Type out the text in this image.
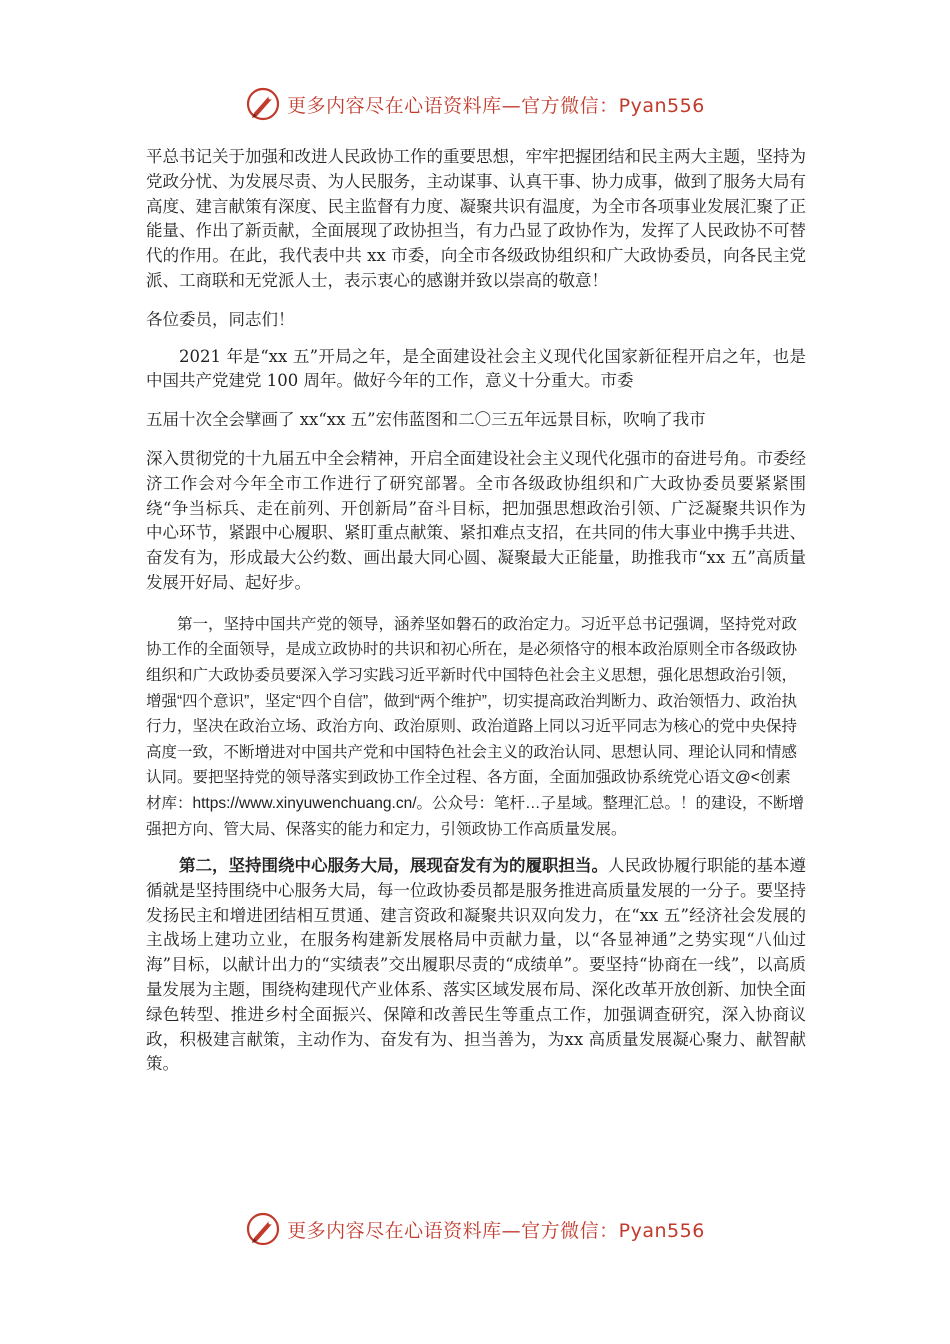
更多内容尽在心语资料库—官方微信：Pyan556

平总书记关于加强和改进人民政协工作的重要思想，牢牢把握团结和民主两大主题，坚持为党政分忧、为发展尽责、为人民服务，主动谋事、认真干事、协力成事，做到了服务大局有高度、建言献策有深度、民主监督有力度、凝聚共识有温度，为全市各项事业发展汇聚了正能量、作出了新贡献，全面展现了政协担当，有力凸显了政协作为，发挥了人民政协不可替代的作用。在此，我代表中共 xx 市委，向全市各级政协组织和广大政协委员，向各民主党派、工商联和无党派人士，表示衷心的感谢并致以崇高的敬意！

各位委员，同志们！

2021 年是“xx 五”开局之年，是全面建设社会主义现代化国家新征程开启之年，也是中国共产党建党 100 周年。做好今年的工作，意义十分重大。市委
五届十次全会擘画了 xx“xx 五”宏伟蓝图和二〇三五年远景目标，吹响了我市
深入贯彻党的十九届五中全会精神，开启全面建设社会主义现代化强市的奋进号角。市委经济工作会对今年全市工作进行了研究部署。全市各级政协组织和广大政协委员要紧紧围绕“争当标兵、走在前列、开创新局”奋斗目标，把加强思想政治引领、广泛凝聚共识作为中心环节，紧跟中心履职、紧盯重点献策、紧扣难点支招，在共同的伟大事业中携手共进、奋发有为，形成最大公约数、画出最大同心圆、凝聚最大正能量，助推我市“xx 五”高质量发展开好局、起好步。

第一，坚持中国共产党的领导，涵养坚如磐石的政治定力。习近平总书记强调，坚持党对政协工作的全面领导，是成立政协时的共识和初心所在，是必须恪守的根本政治原则全市各级政协组织和广大政协委员要深入学习实践习近平新时代中国特色社会主义思想，强化思想政治引领，增强“四个意识”，坚定“四个自信”，做到“两个维护”，切实提高政治判断力、政治领悟力、政治执行力，坚决在政治立场、政治方向、政治原则、政治道路上同以习近平同志为核心的党中央保持高度一致，不断增进对中国共产党和中国特色社会主义的政治认同、思想认同、理论认同和情感认同。要把坚持党的领导落实到政协工作全过程、各方面，全面加强政协系统党心语文@<创素材库：https://www.xinyuwenchuang.cn/。公众号：笔杆…子星域。整理汇总。！的建设，不断增强把方向、管大局、保落实的能力和定力，引领政协工作高质量发展。

第二，坚持围绕中心服务大局，展现奋发有为的履职担当。人民政协履行职能的基本遵循就是坚持围绕中心服务大局，每一位政协委员都是服务推进高质量发展的一分子。要坚持发扬民主和增进团结相互贯通、建言资政和凝聚共识双向发力，在“xx 五”经济社会发展的主战场上建功立业，在服务构建新发展格局中贡献力量，以“各显神通”之势实现“八仙过海”目标，以献计出力的“实绩表”交出履职尽责的“成绩单”。要坚持“协商在一线”，以高质量发展为主题，围绕构建现代产业体系、落实区域发展布局、深化改革开放创新、加快全面绿色转型、推进乡村全面振兴、保障和改善民生等重点工作，加强调查研究，深入协商议政，积极建言献策，主动作为、奋发有为、担当善为，为xx 高质量发展凝心聚力、献智献策。

更多内容尽在心语资料库—官方微信：Pyan556
